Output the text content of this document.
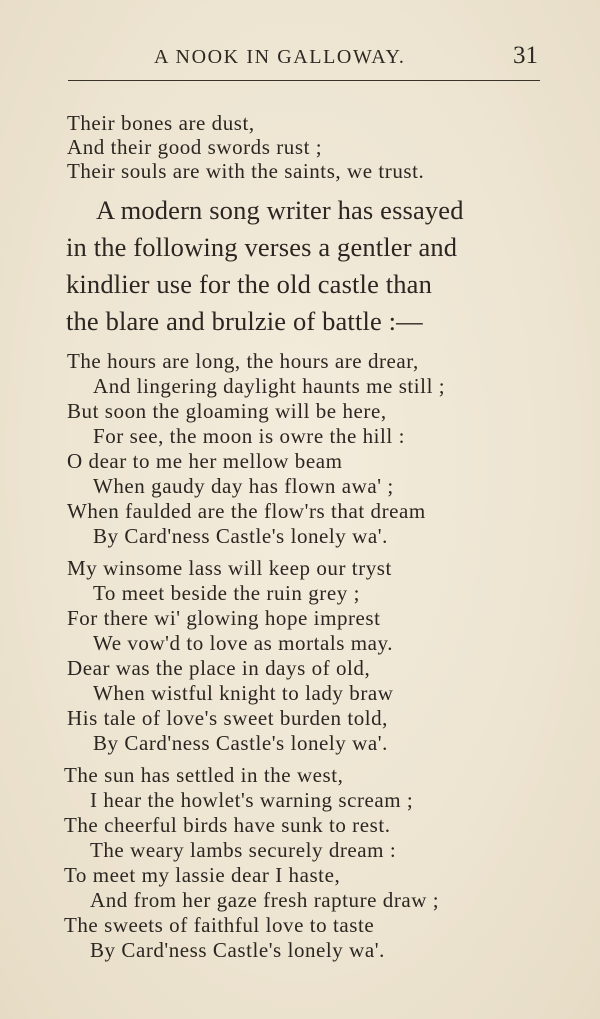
A NOOK IN GALLOWAY.	31
Their bones are dust,
And their good swords rust ;
Their souls are with the saints, we trust.
A modern song writer has essayed
in the following verses a gentler and
kindlier use for the old castle than
the blare and brulzie of battle :—
The hours are long, the hours are drear,
And lingering daylight haunts me still ;
But soon the gloaming will be here,
For see, the moon is owre the hill :
O dear to me her mellow beam
When gaudy day has flown awa' ;
When faulded are the flow'rs that dream
By Card'ness Castle's lonely wa'.
My winsome lass will keep our tryst
To meet beside the ruin grey ;
For there wi' glowing hope imprest
We vow'd to love as mortals may.
Dear was the place in days of old,
When wistful knight to lady braw
His tale of love's sweet burden told,
By Card'ness Castle's lonely wa'.
The sun has settled in the west,
I hear the howlet's warning scream ;
The cheerful birds have sunk to rest.
The weary lambs securely dream :
To meet my lassie dear I haste,
And from her gaze fresh rapture draw ;
The sweets of faithful love to taste
By Card'ness Castle's lonely wa'.
